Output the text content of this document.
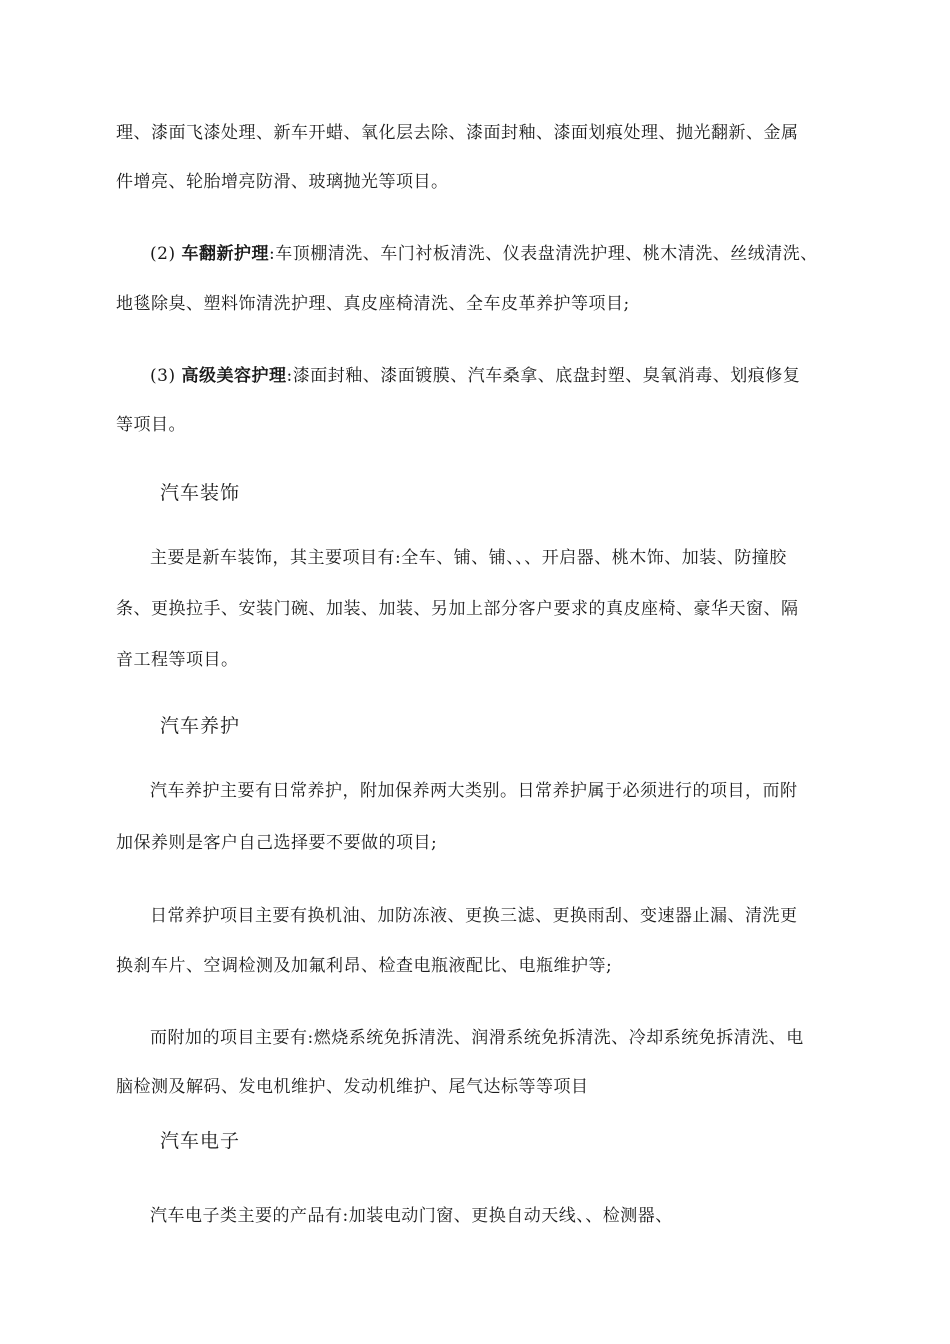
理、漆面飞漆处理、新车开蜡、氧化层去除、漆面封釉、漆面划痕处理、抛光翻新、金属
件增亮、轮胎增亮防滑、玻璃抛光等项目。
(2) 车翻新护理:车顶棚清洗、车门衬板清洗、仪表盘清洗护理、桃木清洗、丝绒清洗、
地毯除臭、塑料饰清洗护理、真皮座椅清洗、全车皮革养护等项目;
(3) 高级美容护理:漆面封釉、漆面镀膜、汽车桑拿、底盘封塑、臭氧消毒、划痕修复
等项目。
汽车装饰
主要是新车装饰，其主要项目有:全车、铺、铺、、、开启器、桃木饰、加装、防撞胶
条、更换拉手、安装门碗、加装、加装、另加上部分客户要求的真皮座椅、豪华天窗、隔
音工程等项目。
汽车养护
汽车养护主要有日常养护，附加保养两大类别。日常养护属于必须进行的项目，而附
加保养则是客户自己选择要不要做的项目;
日常养护项目主要有换机油、加防冻液、更换三滤、更换雨刮、变速器止漏、清洗更
换刹车片、空调检测及加氟利昂、检查电瓶液配比、电瓶维护等;
而附加的项目主要有:燃烧系统免拆清洗、润滑系统免拆清洗、冷却系统免拆清洗、电
脑检测及解码、发电机维护、发动机维护、尾气达标等等项目
汽车电子
汽车电子类主要的产品有:加装电动门窗、更换自动天线、、检测器、
